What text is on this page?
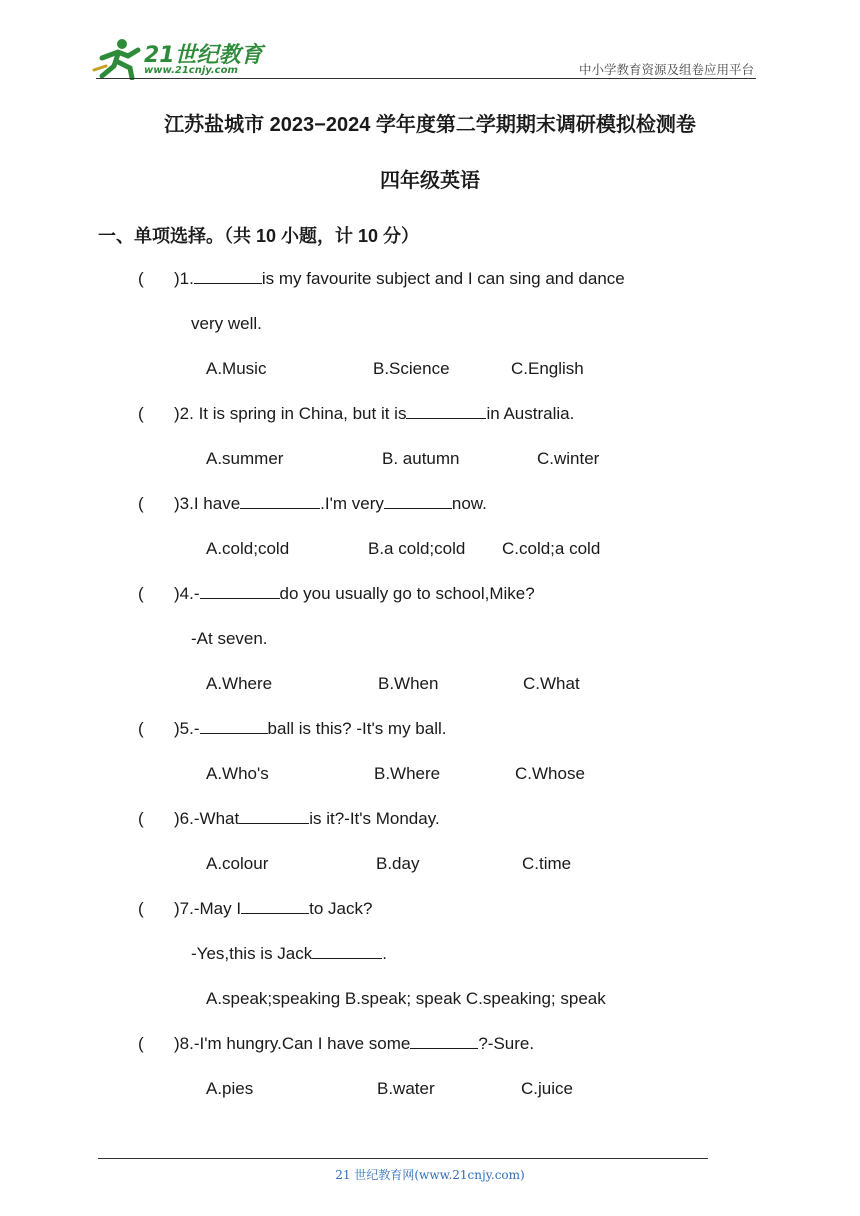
21世纪教育
www.21cnjy.com	中小学教育资源及组卷应用平台
江苏盐城市 2023−2024 学年度第二学期期末调研模拟检测卷
四年级英语
一、单项选择。（共 10 小题，计 10 分）
( )1.	is my favourite subject and I can sing and dance
very well.
A.Music	B.Science	C.English
( )2. It is spring in China, but it is	in Australia.
A.summer	B. autumn	C.winter
( )3.I have	.I'm very	now.
A.cold;cold	B.a cold;cold C.cold;a cold
( )4.-	do you usually go to school,Mike?
-At seven.
A.Where	B.When	C.What
( )5.-	ball is this? -It's my ball.
A.Who's	B.Where	C.Whose
( )6.-What	is it?-It's Monday.
A.colour	B.day	C.time
( )7.-May I	to Jack?
-Yes,this is Jack	.
A.speak;speaking B.speak; speak C.speaking; speak
( )8.-I'm hungry.Can I have some	?-Sure.
A.pies	B.water	C.juice
21 世纪教育网(www.21cnjy.com)
